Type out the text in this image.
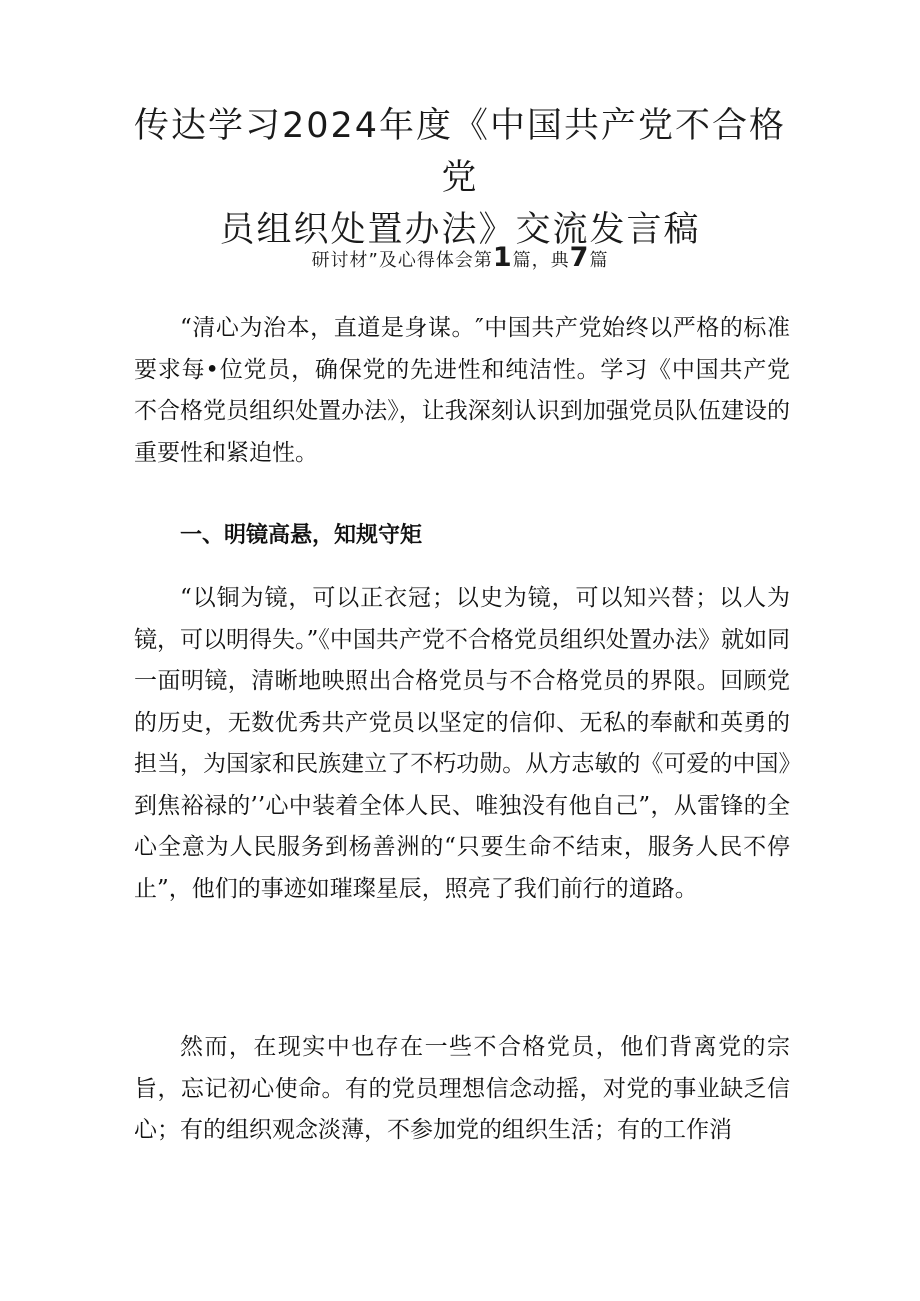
传达学习2024年度《中国共产党不合格党
员组织处置办法》交流发言稿
研讨材”及心得体会第1篇，典7篇

“清心为治本，直道是身谋。″中国共产党始终以严格的标准要求每•位党员，确保党的先进性和纯洁性。学习《中国共产党不合格党员组织处置办法》，让我深刻认识到加强党员队伍建设的重要性和紧迫性。

一、明镜高悬，知规守矩

“以铜为镜，可以正衣冠；以史为镜，可以知兴替；以人为镜，可以明得失。”《中国共产党不合格党员组织处置办法》就如同一面明镜，清晰地映照出合格党员与不合格党员的界限。回顾党的历史，无数优秀共产党员以坚定的信仰、无私的奉献和英勇的担当，为国家和民族建立了不朽功勋。从方志敏的《可爱的中国》到焦裕禄的’’心中装着全体人民、唯独没有他自己”，从雷锋的全心全意为人民服务到杨善洲的“只要生命不结束，服务人民不停止”，他们的事迹如璀璨星辰，照亮了我们前行的道路。

然而，在现实中也存在一些不合格党员，他们背离党的宗旨，忘记初心使命。有的党员理想信念动摇，对党的事业缺乏信心；有的组织观念淡薄，不参加党的组织生活；有的工作消
